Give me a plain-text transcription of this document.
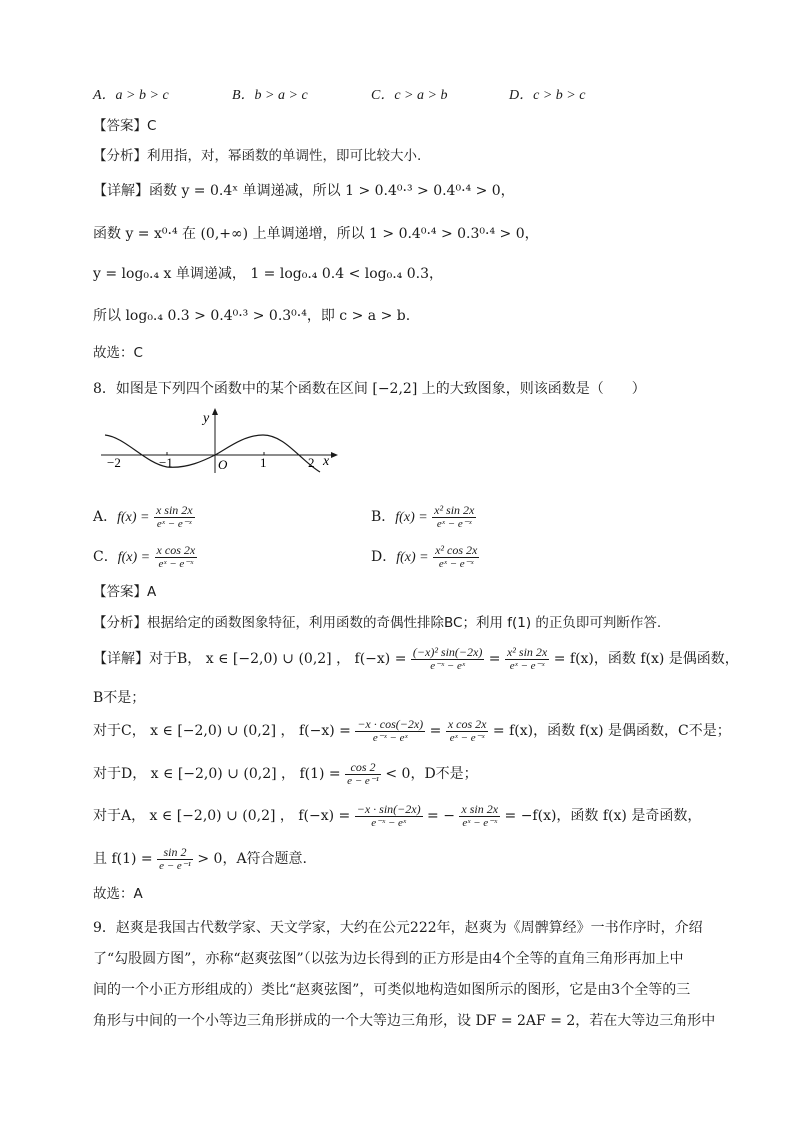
A．a > b > c	B．b > a > c	C．c > a > b	D．c > b > c
【答案】C
【分析】利用指，对，幂函数的单调性，即可比较大小.
【详解】函数 y = 0.4ˣ 单调递减，所以 1 > 0.4⁰·³ > 0.4⁰·⁴ > 0，
函数 y = x⁰·⁴ 在 (0,+∞) 上单调递增，所以 1 > 0.4⁰·⁴ > 0.3⁰·⁴ > 0，
y = log₀.₄ x 单调递减， 1 = log₀.₄ 0.4 < log₀.₄ 0.3，
所以 log₀.₄ 0.3 > 0.4⁰·³ > 0.3⁰·⁴，即 c > a > b.
故选：C
8．如图是下列四个函数中的某个函数在区间 [−2,2] 上的大致图象，则该函数是（　　）
y
x
O
−2	−1	1	2
A．$f(x) = \frac{\text{x sin 2x}}{\text{eˣ − e⁻ˣ}}$	B．$f(x) = \frac{\text{x² sin 2x}}{\text{eˣ − e⁻ˣ}}$
C．$f(x) = \frac{\text{x cos 2x}}{\text{eˣ − e⁻ˣ}}$	D．$f(x) = \frac{\text{x² cos 2x}}{\text{eˣ − e⁻ˣ}}$
【答案】A
【分析】根据给定的函数图象特征，利用函数的奇偶性排除BC；利用 f(1) 的正负即可判断作答.
【详解】对于B， x ∈ [−2,0) ∪ (0,2] ， $f(-x) = \frac{\text{(−x)² sin(−2x)}}{\text{e⁻ˣ − eˣ}} = \frac{\text{x² sin 2x}}{\text{eˣ − e⁻ˣ}} = f(x)$，函数 f(x) 是偶函数，
B不是；
对于C， x ∈ [−2,0) ∪ (0,2] ， $f(-x) = \frac{-x \cdot \cos(-2x)}{\text{e⁻ˣ − eˣ}} = \frac{\text{x cos 2x}}{\text{eˣ − e⁻ˣ}} = f(x)$，函数 f(x) 是偶函数，C不是；
对于D， x ∈ [−2,0) ∪ (0,2] ， $f(1) = \frac{\cos 2}{\text{e − e⁻¹}} < 0$，D不是；
对于A， x ∈ [−2,0) ∪ (0,2] ， $f(-x) = \frac{-x \cdot \sin(-2x)}{\text{e⁻ˣ − eˣ}}$ = − $\frac{\text{x sin 2x}}{\text{eˣ − e⁻ˣ}} = -f(x)$，函数 f(x) 是奇函数，
且 $f(1) = \frac{\sin 2}{\text{e − e⁻¹}} > 0$，A符合题意.
故选：A
9．赵爽是我国古代数学家、天文学家，大约在公元222年，赵爽为《周髀算经》一书作序时，介绍
了“勾股圆方图”，亦称“赵爽弦图”（以弦为边长得到的正方形是由4个全等的直角三角形再加上中
间的一个小正方形组成的）类比“赵爽弦图”，可类似地构造如图所示的图形，它是由3个全等的三
角形与中间的一个小等边三角形拼成的一个大等边三角形，设 DF = 2AF = 2，若在大等边三角形中
